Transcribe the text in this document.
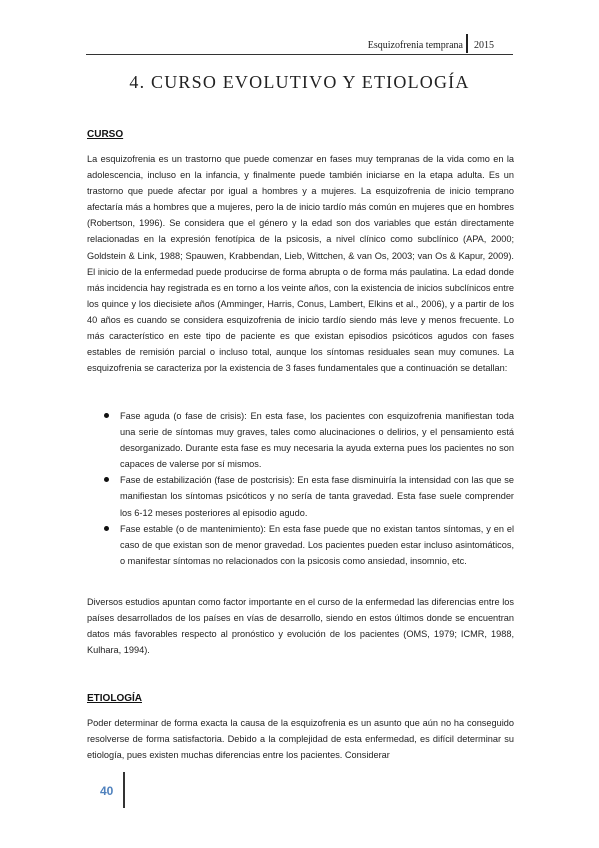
Esquizofrenia temprana 2015
4. CURSO EVOLUTIVO Y ETIOLOGÍA
CURSO

La esquizofrenia es un trastorno que puede comenzar en fases muy tempranas de la vida como en la adolescencia, incluso en la infancia, y finalmente puede también iniciarse en la etapa adulta. Es un trastorno que puede afectar por igual a hombres y a mujeres. La esquizofrenia de inicio temprano afectaría más a hombres que a mujeres, pero la de inicio tardío más común en mujeres que en hombres (Robertson, 1996). Se considera que el género y la edad son dos variables que están directamente relacionadas en la expresión fenotípica de la psicosis, a nivel clínico como subclínico (APA, 2000; Goldstein & Link, 1988; Spauwen, Krabbendan, Lieb, Wittchen, & van Os, 2003; van Os & Kapur, 2009). El inicio de la enfermedad puede producirse de forma abrupta o de forma más paulatina. La edad donde más incidencia hay registrada es en torno a los veinte años, con la existencia de inicios subclínicos entre los quince y los diecisiete años (Amminger, Harris, Conus, Lambert, Elkins et al., 2006), y a partir de los 40 años es cuando se considera esquizofrenia de inicio tardío siendo más leve y menos frecuente. Lo más característico en este tipo de paciente es que existan episodios psicóticos agudos con fases estables de remisión parcial o incluso total, aunque los síntomas residuales sean muy comunes. La esquizofrenia se caracteriza por la existencia de 3 fases fundamentales que a continuación se detallan:

Fase aguda (o fase de crisis): En esta fase, los pacientes con esquizofrenia manifiestan toda una serie de síntomas muy graves, tales como alucinaciones o delirios, y el pensamiento está desorganizado. Durante esta fase es muy necesaria la ayuda externa pues los pacientes no son capaces de valerse por sí mismos.
Fase de estabilización (fase de postcrisis): En esta fase disminuiría la intensidad con las que se manifiestan los síntomas psicóticos y no sería de tanta gravedad. Esta fase suele comprender los 6-12 meses posteriores al episodio agudo.
Fase estable (o de mantenimiento): En esta fase puede que no existan tantos síntomas, y en el caso de que existan son de menor gravedad. Los pacientes pueden estar incluso asintomáticos, o manifestar síntomas no relacionados con la psicosis como ansiedad, insomnio, etc.

Diversos estudios apuntan como factor importante en el curso de la enfermedad las diferencias entre los países desarrollados de los países en vías de desarrollo, siendo en estos últimos donde se encuentran datos más favorables respecto al pronóstico y evolución de los pacientes (OMS, 1979; ICMR, 1988, Kulhara, 1994).

ETIOLOGÍA

Poder determinar de forma exacta la causa de la esquizofrenia es un asunto que aún no ha conseguido resolverse de forma satisfactoria. Debido a la complejidad de esta enfermedad, es difícil determinar su etiología, pues existen muchas diferencias entre los pacientes. Considerar

40
